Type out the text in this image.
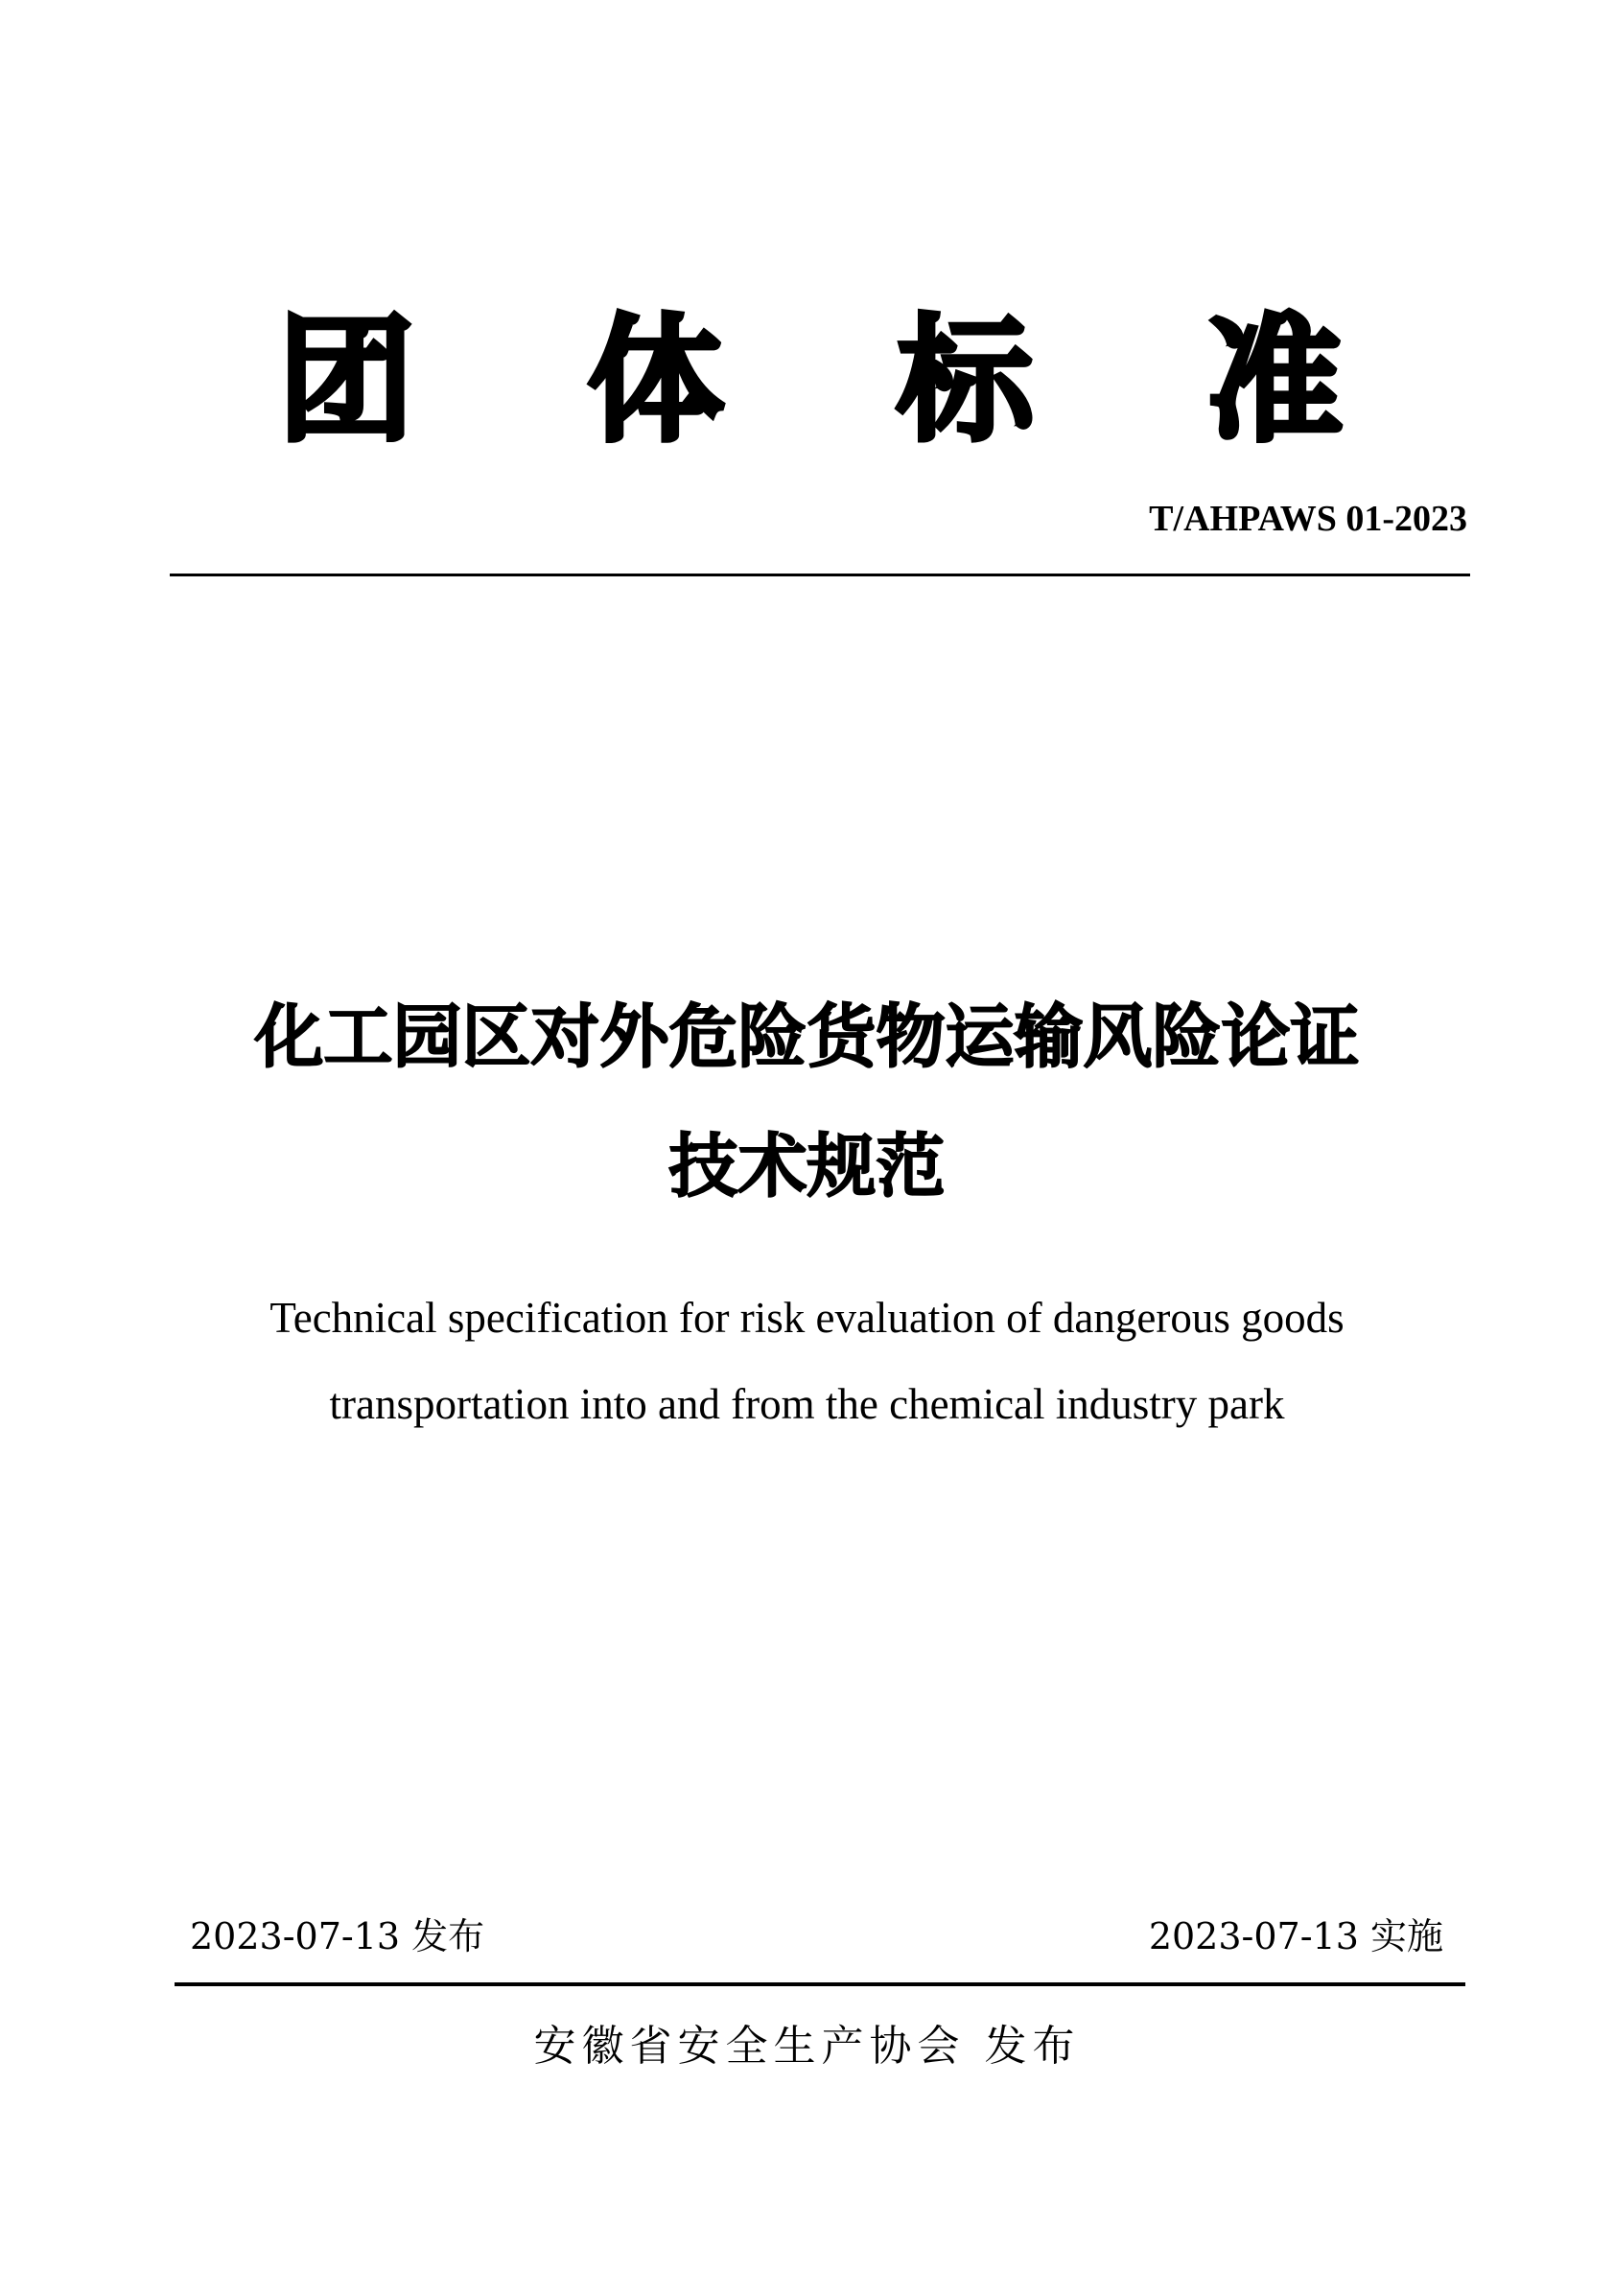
团 体 标 准
T/AHPAWS 01-2023
化工园区对外危险货物运输风险论证
技术规范
Technical specification for risk evaluation of dangerous goods
transportation into and from the chemical industry park
2023-07-13 发布	2023-07-13 实施
安徽省安全生产协会 发布
